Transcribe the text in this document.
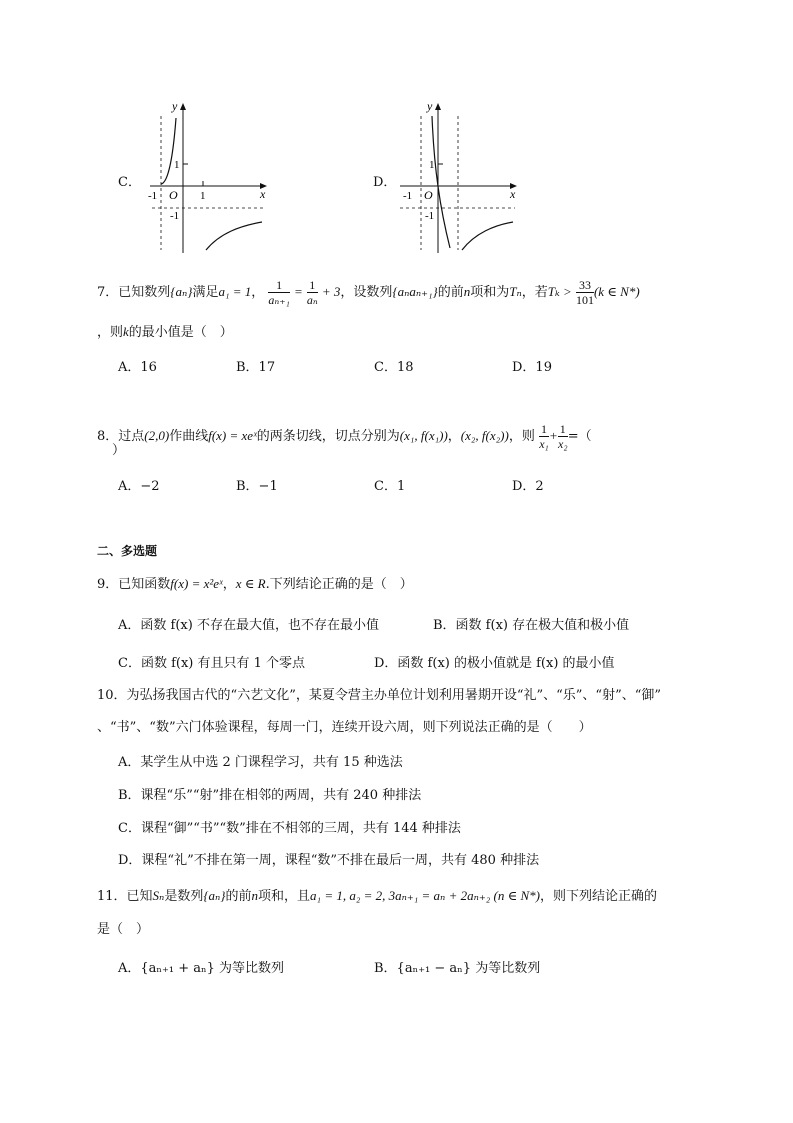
C．
y
x
O
1
-1	1
-1
D．
y
x
O
1
-1
-1
7．已知数列{aₙ}满足a₁ = 1， $\frac{1}{\text{aₙ₊₁}} = \frac{1}{\text{aₙ}} + 3$，设数列{aₙaₙ₊₁}的前n项和为Tₙ，若$T_k > \frac{33}{101} (k$ ∈ N*)
，则k的最小值是（　）
A．16	B．17	C．18	D．19
8．过点(2,0)作曲线f(x) = xeˣ的两条切线，切点分别为(x₁, f(x₁))，(x₂, f(x₂))，则 $\frac{1}{\text{x₁}} + \frac{1}{\text{x₂}}$ =（
）
A．−2	B．−1	C．1	D．2
二、多选题
9．已知函数f(x) = x²eˣ，x ∈ R.下列结论正确的是（　）
A．函数 f(x) 不存在最大值，也不存在最小值	B．函数 f(x) 存在极大值和极小值
C．函数 f(x) 有且只有 1 个零点	D．函数 f(x) 的极小值就是 f(x) 的最小值
10．为弘扬我国古代的“六艺文化”，某夏令营主办单位计划利用暑期开设“礼”、“乐”、“射”、“御”
、“书”、“数”六门体验课程，每周一门，连续开设六周，则下列说法正确的是（　　）
A．某学生从中选 2 门课程学习，共有 15 种选法
B．课程“乐”“射”排在相邻的两周，共有 240 种排法
C．课程“御”“书”“数”排在不相邻的三周，共有 144 种排法
D．课程“礼”不排在第一周，课程“数”不排在最后一周，共有 480 种排法
11．已知Sₙ是数列{aₙ}的前n项和，且a₁ = 1, a₂ = 2, 3aₙ₊₁ = aₙ + 2aₙ₊₂ (n ∈ N*)，则下列结论正确的
是（　）
A．{aₙ₊₁ + aₙ} 为等比数列	B．{aₙ₊₁ − aₙ} 为等比数列
